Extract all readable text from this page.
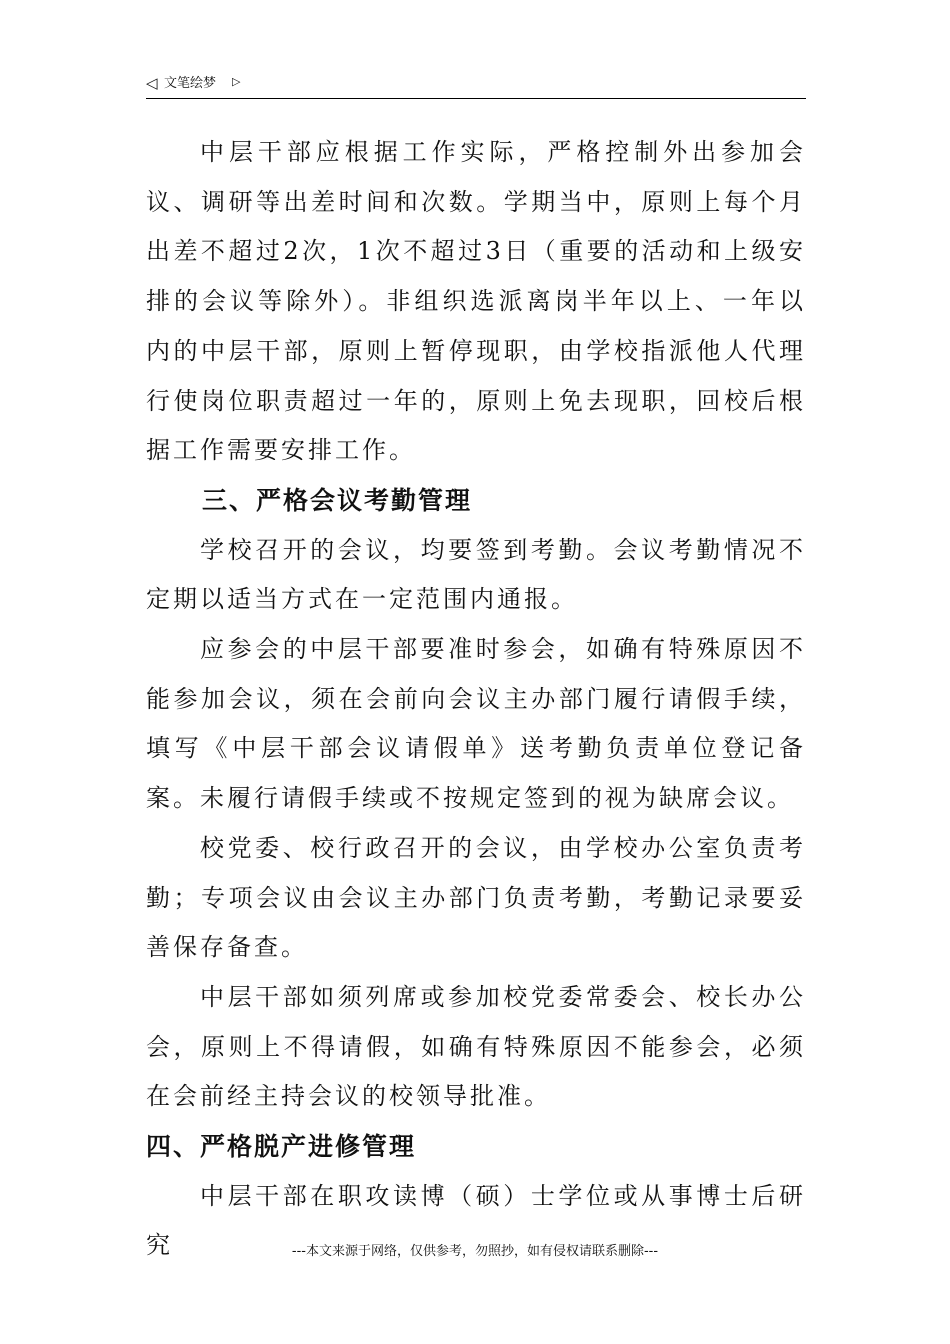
◁ 文笔绘梦 ▷

中层干部应根据工作实际，严格控制外出参加会议、调研等出差时间和次数。学期当中，原则上每个月出差不超过2次，1次不超过3日（重要的活动和上级安排的会议等除外）。非组织选派离岗半年以上、一年以内的中层干部，原则上暂停现职，由学校指派他人代理行使岗位职责超过一年的，原则上免去现职，回校后根据工作需要安排工作。

三、严格会议考勤管理

学校召开的会议，均要签到考勤。会议考勤情况不定期以适当方式在一定范围内通报。

应参会的中层干部要准时参会，如确有特殊原因不能参加会议，须在会前向会议主办部门履行请假手续，填写《中层干部会议请假单》送考勤负责单位登记备案。未履行请假手续或不按规定签到的视为缺席会议。

校党委、校行政召开的会议，由学校办公室负责考勤；专项会议由会议主办部门负责考勤，考勤记录要妥善保存备查。

中层干部如须列席或参加校党委常委会、校长办公会，原则上不得请假，如确有特殊原因不能参会，必须在会前经主持会议的校领导批准。

四、严格脱产进修管理

中层干部在职攻读博（硕）士学位或从事博士后研究	---本文来源于网络，仅供参考，勿照抄，如有侵权请联系删除---
